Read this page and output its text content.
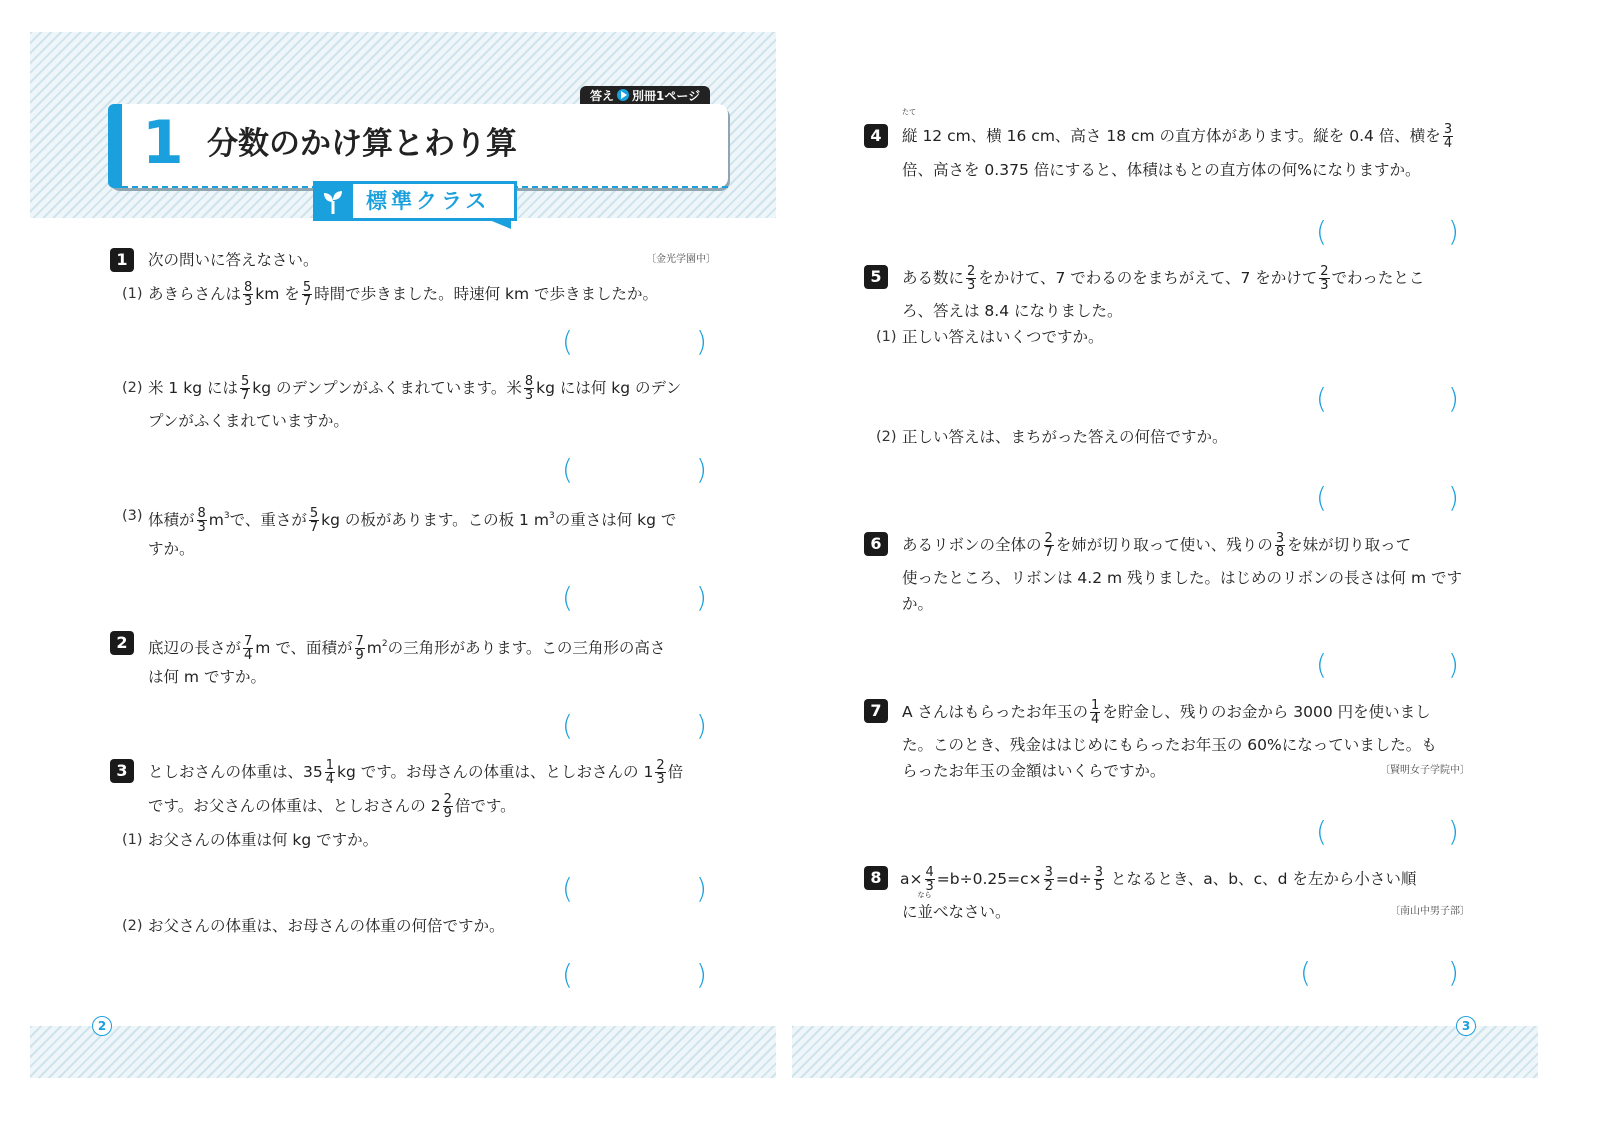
答え 別冊1ページ
1 分数のかけ算とわり算
標準クラス
1	次の問いに答えなさい。	〔金光学園中〕
(1) あきらさんは $\frac{8}{3}$ km を $\frac{5}{7}$ 時間で歩きました。時速何 km で歩きましたか。
(	)
(2) 米 1 kg には $\frac{5}{7}$ kg のデンプンがふくまれています。米 $\frac{8}{3}$ kg には何 kg のデン
プンがふくまれていますか。
(	)
(3) 体積が $\frac{8}{3} m^3$で、重さが $\frac{5}{7}$ kg の板があります。この板 1 $m^3$の重さは何 kg で
すか。
(	)
2	底辺の長さが $\frac{7}{4}$ m で、面積が $\frac{7}{9} m^2$の三角形があります。この三角形の高さ
は何 m ですか。
(	)
3	としおさんの体重は、$35 \frac{1}{4}$ kg です。お母さんの体重は、としおさんの $1 \frac{2}{3}$ 倍
です。お父さんの体重は、としおさんの $2 \frac{2}{9}$ 倍です。
(1) お父さんの体重は何 kg ですか。
(	)
(2) お父さんの体重は、お母さんの体重の何倍ですか。
(	)
2
4	縦
たて
12 cm、横 16 cm、高さ 18 cm の直方体があります。縦を 0.4 倍、横を $\frac{3}{4}$
倍、高さを 0.375 倍にすると、体積はもとの直方体の何%になりますか。
(	)
5	ある数に $\frac{2}{3}$ をかけて、7 でわるのをまちがえて、7 をかけて $\frac{2}{3}$ でわったとこ
ろ、答えは 8.4 になりました。
(1) 正しい答えはいくつですか。
(	)
(2) 正しい答えは、まちがった答えの何倍ですか。
(	)
6	あるリボンの全体の $\frac{2}{7}$ を姉が切り取って使い、残りの $\frac{3}{8}$ を妹が切り取って
使ったところ、リボンは 4.2 m 残りました。はじめのリボンの長さは何 m です
か。
(	)
7	A さんはもらったお年玉の $\frac{1}{4}$ を貯金し、残りのお金から 3000 円を使いまし
た。このとき、残金ははじめにもらったお年玉の 60%になっていました。も
らったお年玉の金額はいくらですか。	〔賢明女子学院中〕
(	)
8	$a\times \frac{4}{3} =b\div 0.25=c\times \frac{3}{2} =d\div \frac{3}{5}$ となるとき、a、b、c、d を左から小さい順
に並
なら
べなさい。	〔南山中男子部〕
(	)
3
